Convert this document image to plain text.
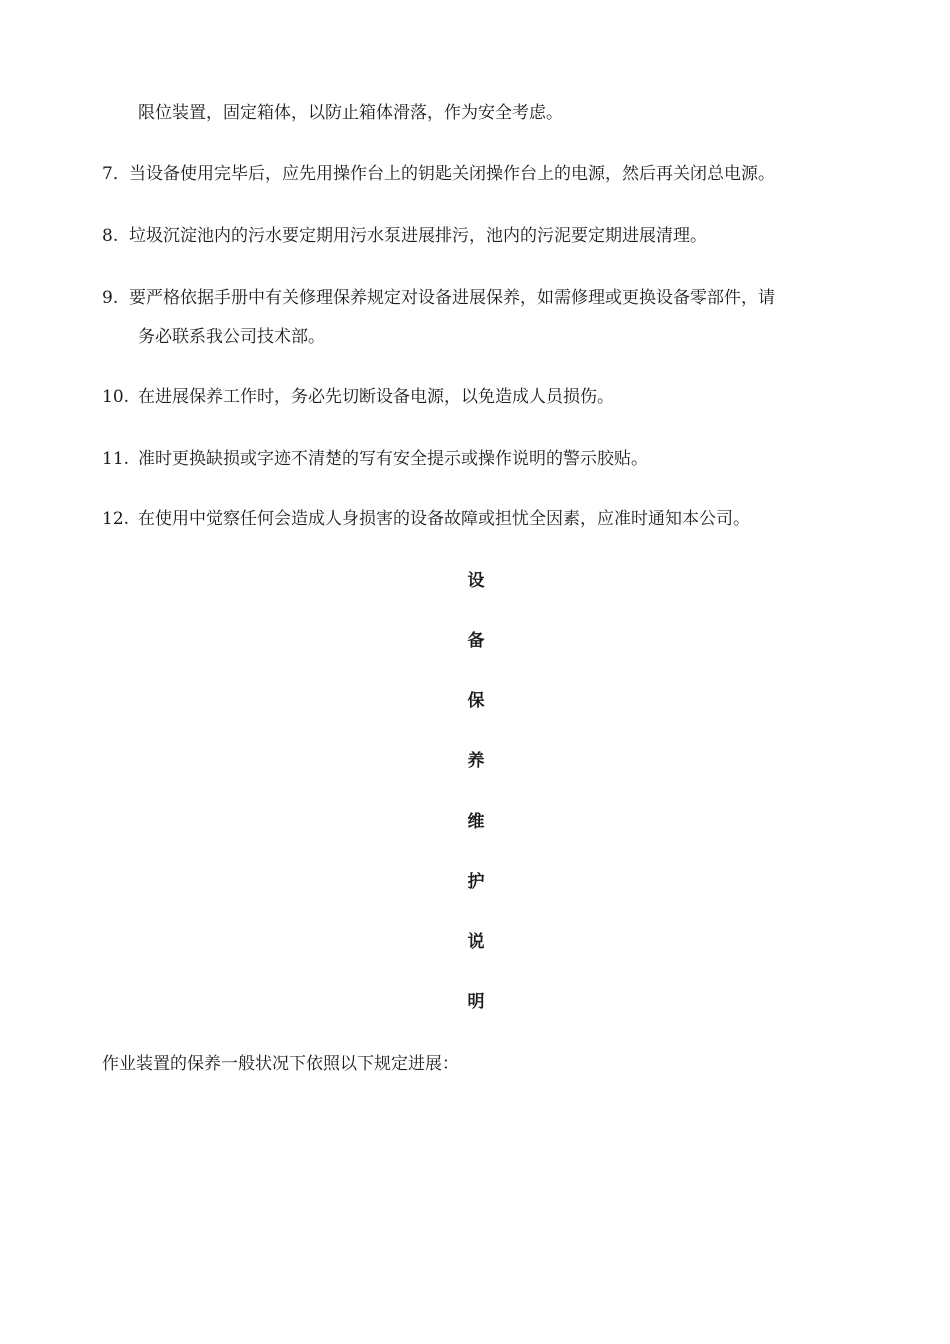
限位装置，固定箱体，以防止箱体滑落，作为安全考虑。
7．当设备使用完毕后，应先用操作台上的钥匙关闭操作台上的电源，然后再关闭总电源。
8. 垃圾沉淀池内的污水要定期用污水泵进展排污，池内的污泥要定期进展清理。
9. 要严格依据手册中有关修理保养规定对设备进展保养，如需修理或更换设备零部件，请
务必联系我公司技术部。
10. 在进展保养工作时，务必先切断设备电源，以免造成人员损伤。
11. 准时更换缺损或字迹不清楚的写有安全提示或操作说明的警示胶贴。
12. 在使用中觉察任何会造成人身损害的设备故障或担忧全因素，应准时通知本公司。
设
备
保
养
维
护
说
明
作业装置的保养一般状况下依照以下规定进展：
